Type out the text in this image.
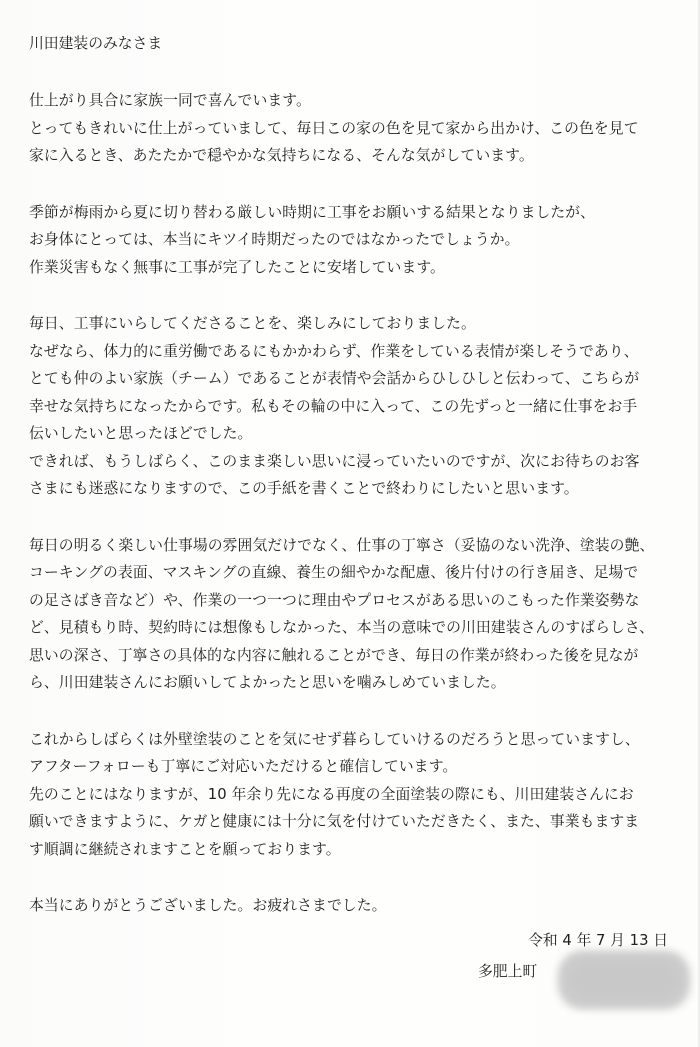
川田建装のみなさま
仕上がり具合に家族一同で喜んでいます。
とってもきれいに仕上がっていまして、毎日この家の色を見て家から出かけ、この色を見て
家に入るとき、あたたかで穏やかな気持ちになる、そんな気がしています。
季節が梅雨から夏に切り替わる厳しい時期に工事をお願いする結果となりましたが、
お身体にとっては、本当にキツイ時期だったのではなかったでしょうか。
作業災害もなく無事に工事が完了したことに安堵しています。
毎日、工事にいらしてくださることを、楽しみにしておりました。
なぜなら、体力的に重労働であるにもかかわらず、作業をしている表情が楽しそうであり、
とても仲のよい家族（チーム）であることが表情や会話からひしひしと伝わって、こちらが
幸せな気持ちになったからです。私もその輪の中に入って、この先ずっと一緒に仕事をお手
伝いしたいと思ったほどでした。
できれば、もうしばらく、このまま楽しい思いに浸っていたいのですが、次にお待ちのお客
さまにも迷惑になりますので、この手紙を書くことで終わりにしたいと思います。
毎日の明るく楽しい仕事場の雰囲気だけでなく、仕事の丁寧さ（妥協のない洗浄、塗装の艶、
コーキングの表面、マスキングの直線、養生の細やかな配慮、後片付けの行き届き、足場で
の足さばき音など）や、作業の一つ一つに理由やプロセスがある思いのこもった作業姿勢な
ど、見積もり時、契約時には想像もしなかった、本当の意味での川田建装さんのすばらしさ、
思いの深さ、丁寧さの具体的な内容に触れることができ、毎日の作業が終わった後を見なが
ら、川田建装さんにお願いしてよかったと思いを噛みしめていました。
これからしばらくは外壁塗装のことを気にせず暮らしていけるのだろうと思っていますし、
アフターフォローも丁寧にご対応いただけると確信しています。
先のことにはなりますが、10 年余り先になる再度の全面塗装の際にも、川田建装さんにお
願いできますように、ケガと健康には十分に気を付けていただきたく、また、事業もますま
す順調に継続されますことを願っております。
本当にありがとうございました。お疲れさまでした。
令和 4 年 7 月 13 日
多肥上町
